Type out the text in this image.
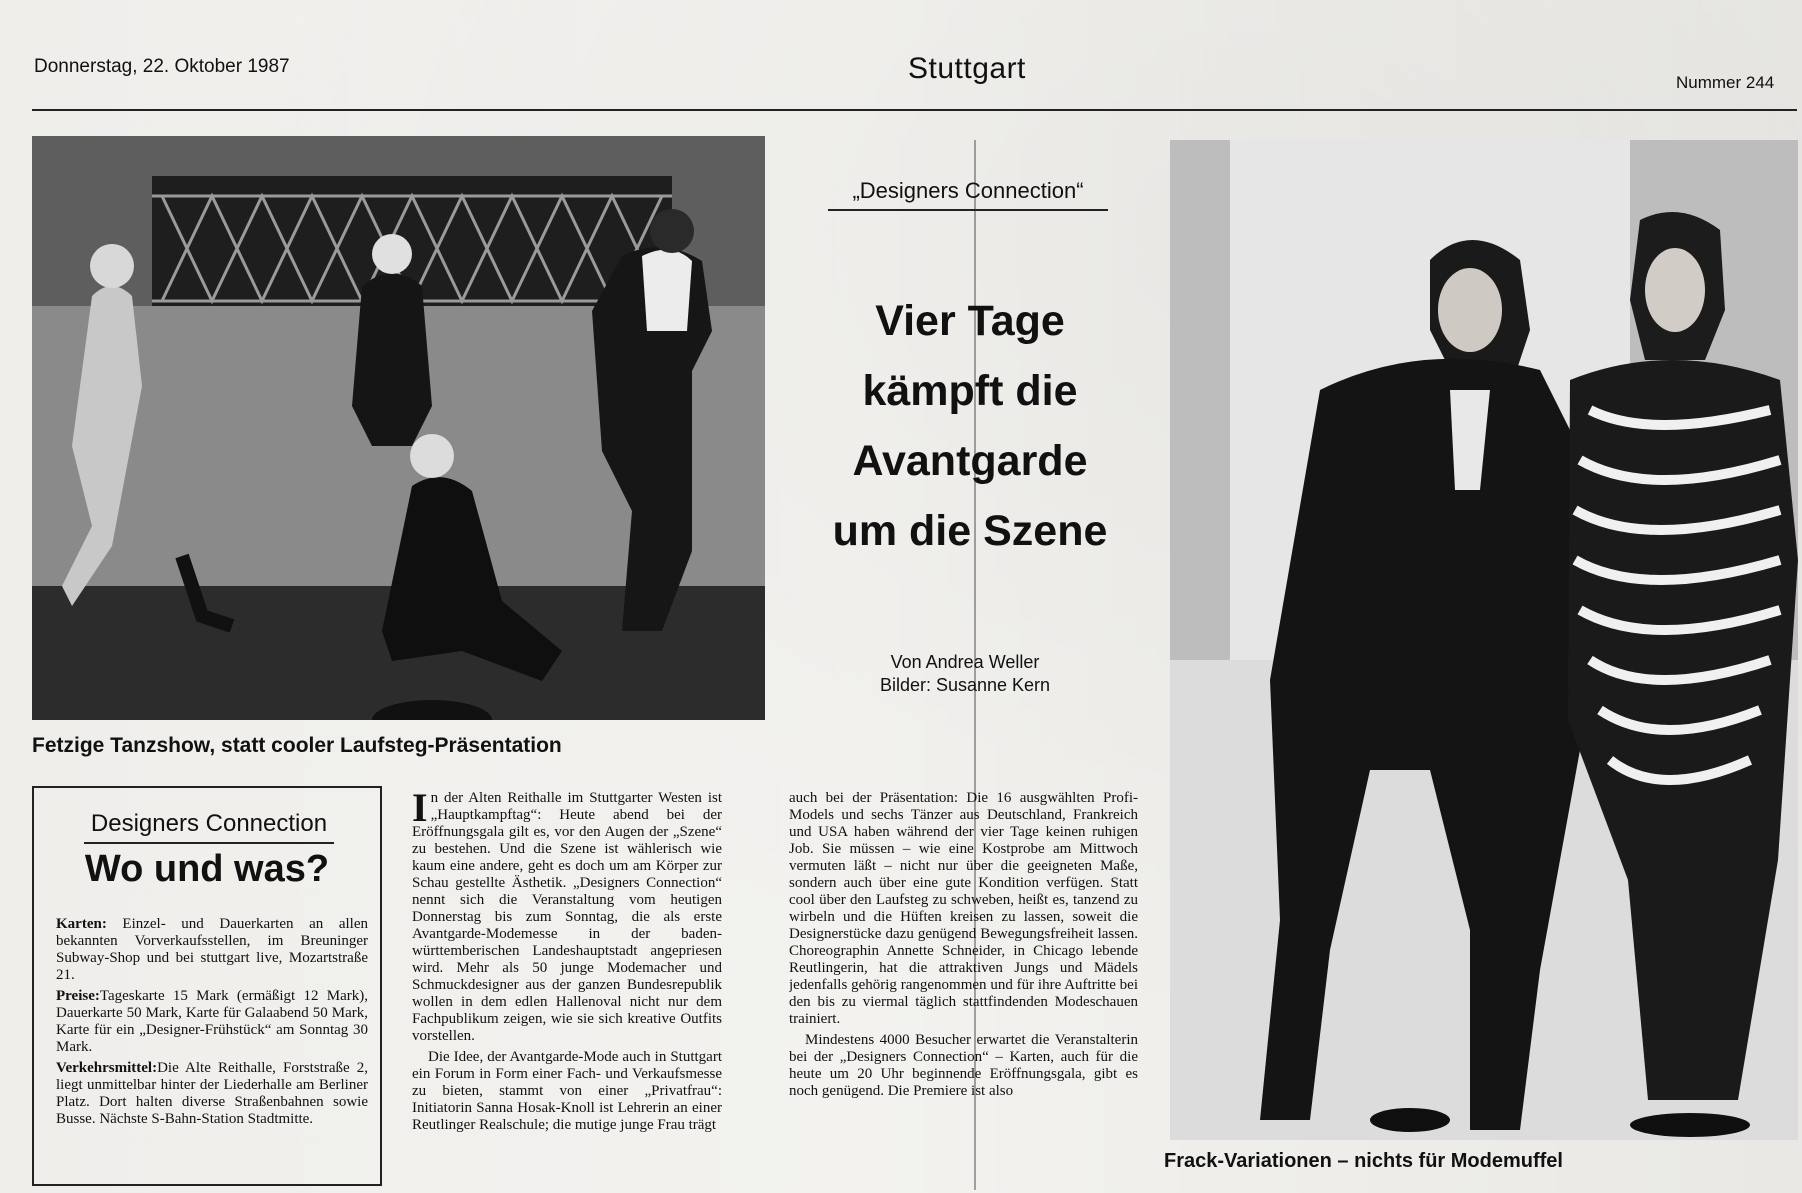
Donnerstag, 22. Oktober 1987	Stuttgart	Nummer 244
Fetzige Tanzshow, statt cooler Laufsteg-Präsentation
„Designers Connection“
Vier Tage
kämpft die
Avantgarde
um die Szene
Von Andrea Weller
Bilder: Susanne Kern
Frack-Variationen – nichts für Modemuffel
Designers Connection
Wo und was?

Karten: Einzel- und Dauerkarten an allen bekannten Vorverkaufsstellen, im Breuninger Subway-Shop und bei stuttgart live, Mozartstraße 21.

Preise:Tageskarte 15 Mark (ermäßigt 12 Mark), Dauerkarte 50 Mark, Karte für Galaabend 50 Mark, Karte für ein „Designer-Frühstück“ am Sonntag 30 Mark.

Verkehrsmittel:Die Alte Reithalle, Forststraße 2, liegt unmittelbar hinter der Liederhalle am Berliner Platz. Dort halten diverse Straßenbahnen sowie Busse. Nächste S-Bahn-Station Stadtmitte.

In der Alten Reithalle im Stuttgarter Westen ist „Hauptkampftag“: Heute abend bei der Eröffnungsgala gilt es, vor den Augen der „Szene“ zu bestehen. Und die Szene ist wählerisch wie kaum eine andere, geht es doch um am Körper zur Schau gestellte Ästhetik. „Designers Connection“ nennt sich die Veranstaltung vom heutigen Donnerstag bis zum Sonntag, die als erste Avantgarde-Modemesse in der baden-württemberischen Landeshauptstadt angepriesen wird. Mehr als 50 junge Modemacher und Schmuckdesigner aus der ganzen Bundesrepublik wollen in dem edlen Hallenoval nicht nur dem Fachpublikum zeigen, wie sie sich kreative Outfits vorstellen.

Die Idee, der Avantgarde-Mode auch in Stuttgart ein Forum in Form einer Fach- und Verkaufsmesse zu bieten, stammt von einer „Privatfrau“: Initiatorin Sanna Hosak-Knoll ist Lehrerin an einer Reutlinger Realschule; die mutige junge Frau trägt

auch bei der Präsentation: Die 16 ausgwählten Profi-Models und sechs Tänzer aus Deutschland, Frankreich und USA haben während der vier Tage keinen ruhigen Job. Sie müssen – wie eine Kostprobe am Mittwoch vermuten läßt – nicht nur über die geeigneten Maße, sondern auch über eine gute Kondition verfügen. Statt cool über den Laufsteg zu schweben, heißt es, tanzend zu wirbeln und die Hüften kreisen zu lassen, soweit die Designerstücke dazu genügend Bewegungsfreiheit lassen. Choreographin Annette Schneider, in Chicago lebende Reutlingerin, hat die attraktiven Jungs und Mädels jedenfalls gehörig rangenommen und für ihre Auftritte bei den bis zu viermal täglich stattfindenden Modeschauen trainiert.

Mindestens 4000 Besucher erwartet die Veranstalterin bei der „Designers Connection“ – Karten, auch für die heute um 20 Uhr beginnende Eröffnungsgala, gibt es noch genügend. Die Premiere ist also
